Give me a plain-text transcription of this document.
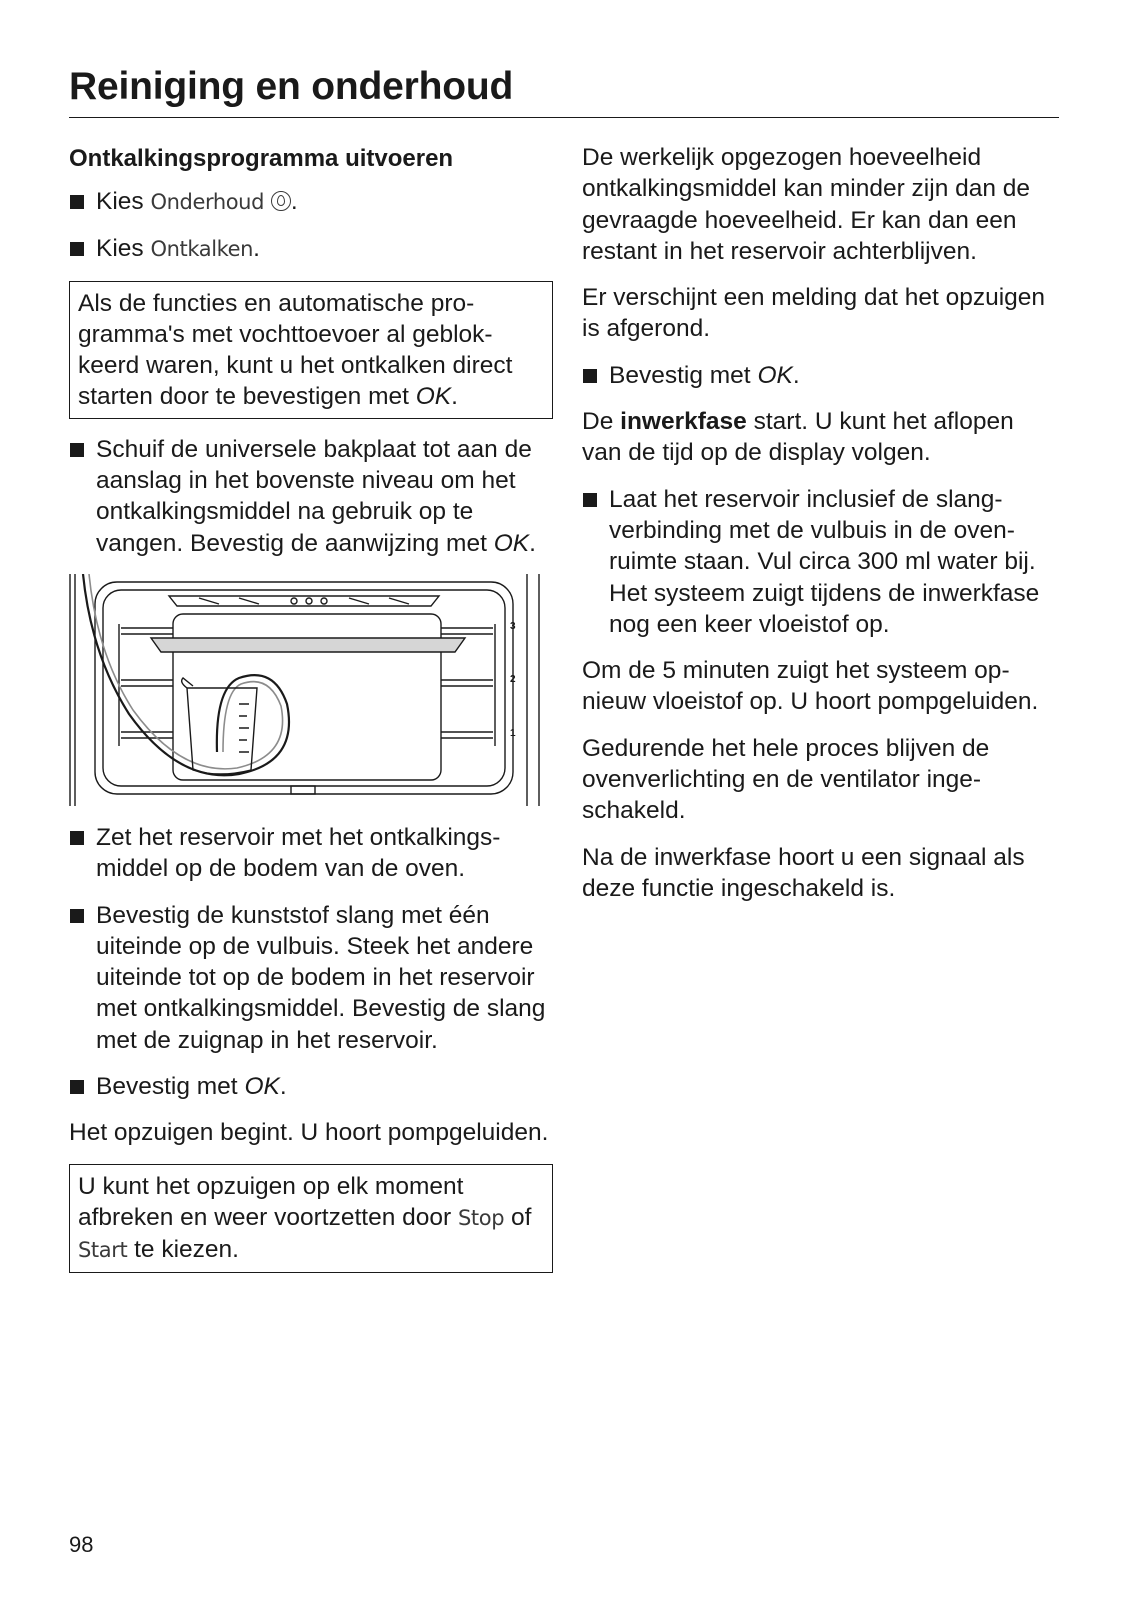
Reiniging en onderhoud
Ontkalkingsprogramma uitvoeren
Kies Onderhoud .
Kies Ontkalken.
Als de functies en automatische programma's met vochttoevoer al geblokkeerd waren, kunt u het ontkalken direct starten door te bevestigen met OK.
Schuif de universele bakplaat tot aan de aanslag in het bovenste niveau om het ontkalkingsmiddel na gebruik op te vangen. Bevestig de aanwijzing met OK.
3
2
1
Zet het reservoir met het ontkalkingsmiddel op de bodem van de oven.
Bevestig de kunststof slang met één uiteinde op de vulbuis. Steek het andere uiteinde tot op de bodem in het reservoir met ontkalkingsmiddel. Bevestig de slang met de zuignap in het reservoir.
Bevestig met OK.

Het opzuigen begint. U hoort pompgeluiden.

U kunt het opzuigen op elk moment afbreken en weer voortzetten door Stop of Start te kiezen.

De werkelijk opgezogen hoeveelheid ontkalkingsmiddel kan minder zijn dan de gevraagde hoeveelheid. Er kan dan een restant in het reservoir achterblijven.

Er verschijnt een melding dat het opzuigen is afgerond.

Bevestig met OK.

De inwerkfase start. U kunt het aflopen van de tijd op de display volgen.

Laat het reservoir inclusief de slangverbinding met de vulbuis in de ovenruimte staan. Vul circa 300 ml water bij. Het systeem zuigt tijdens de inwerkfase nog een keer vloeistof op.

Om de 5 minuten zuigt het systeem opnieuw vloeistof op. U hoort pompgeluiden.

Gedurende het hele proces blijven de ovenverlichting en de ventilator ingeschakeld.

Na de inwerkfase hoort u een signaal als deze functie ingeschakeld is.

98
